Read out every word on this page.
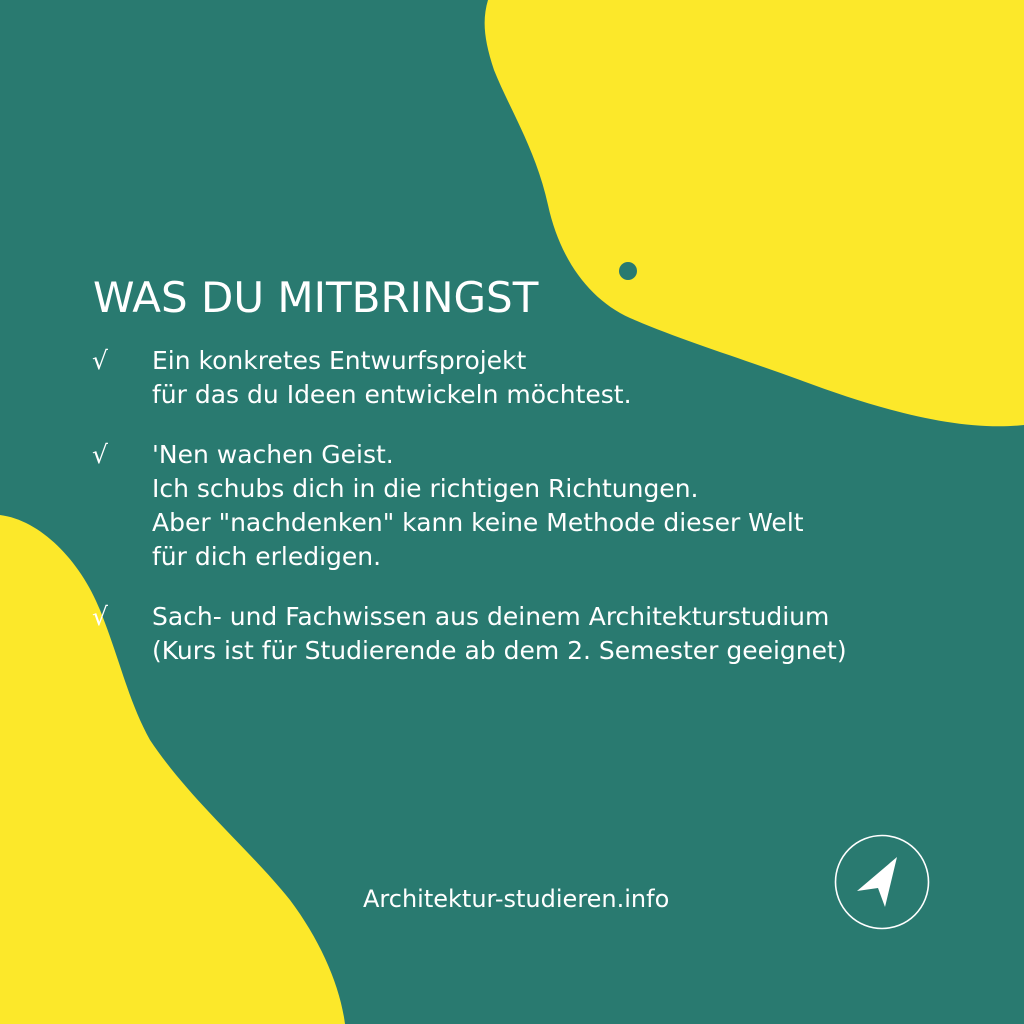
WAS DU MITBRINGST
√ Ein konkretes Entwurfsprojekt
für das du Ideen entwickeln möchtest.
√ 'Nen wachen Geist.
Ich schubs dich in die richtigen Richtungen.
Aber "nachdenken" kann keine Methode dieser Welt
für dich erledigen.
√ Sach- und Fachwissen aus deinem Architekturstudium
(Kurs ist für Studierende ab dem 2. Semester geeignet)
Architektur-studieren.info
